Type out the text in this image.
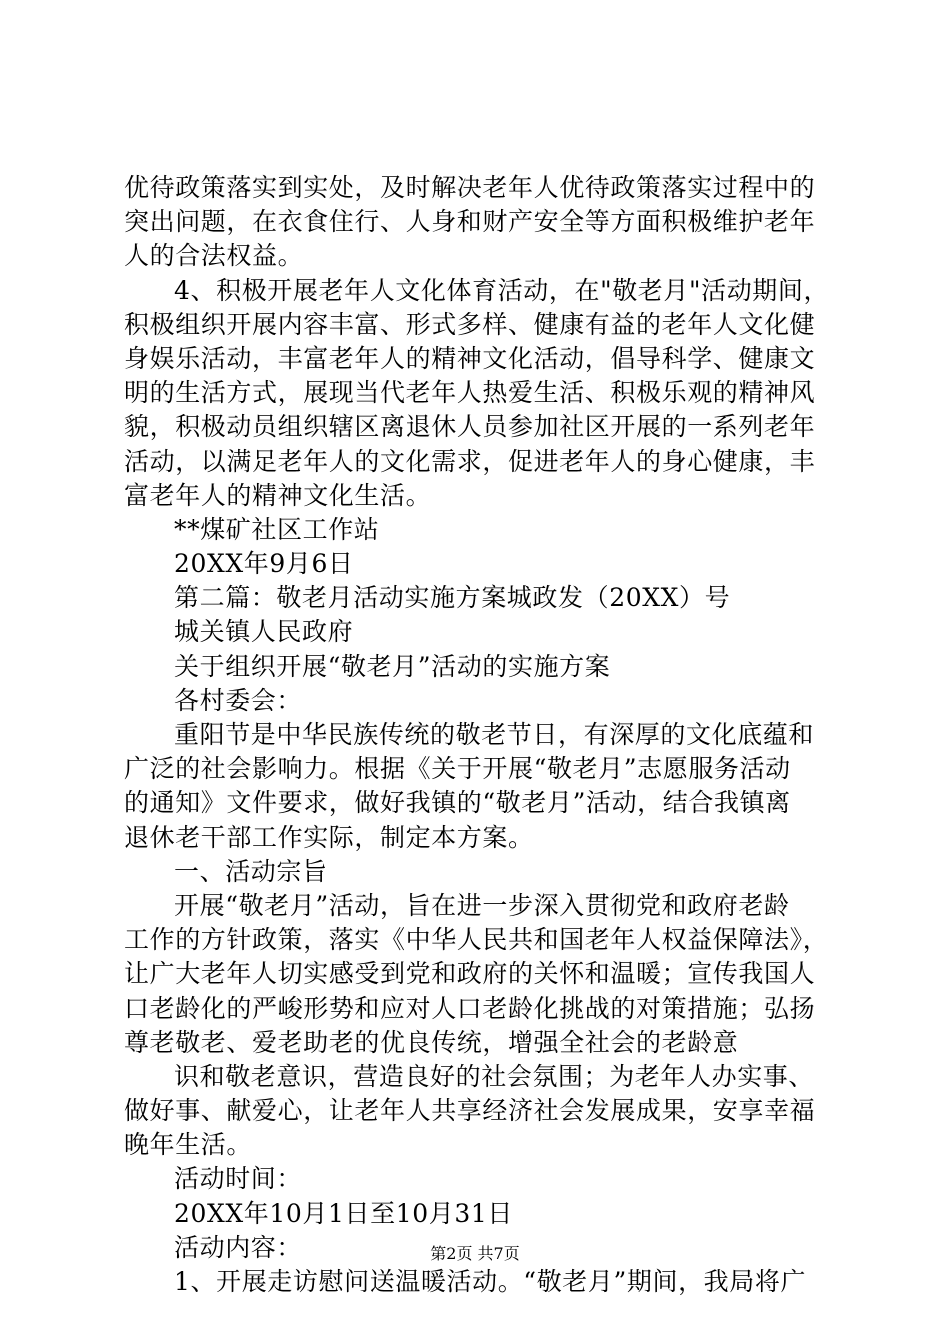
优待政策落实到实处，及时解决老年人优待政策落实过程中的
突出问题，在衣食住行、人身和财产安全等方面积极维护老年
人的合法权益。
4、积极开展老年人文化体育活动，在"敬老月"活动期间，
积极组织开展内容丰富、形式多样、健康有益的老年人文化健
身娱乐活动，丰富老年人的精神文化活动，倡导科学、健康文
明的生活方式，展现当代老年人热爱生活、积极乐观的精神风
貌，积极动员组织辖区离退休人员参加社区开展的一系列老年
活动，以满足老年人的文化需求，促进老年人的身心健康，丰
富老年人的精神文化生活。
**煤矿社区工作站
20XX年9月6日
第二篇：敬老月活动实施方案城政发（20XX）号
城关镇人民政府
关于组织开展“敬老月”活动的实施方案
各村委会：
重阳节是中华民族传统的敬老节日，有深厚的文化底蕴和
广泛的社会影响力。根据《关于开展“敬老月”志愿服务活动
的通知》文件要求，做好我镇的“敬老月”活动，结合我镇离
退休老干部工作实际，制定本方案。
一、活动宗旨
开展“敬老月”活动，旨在进一步深入贯彻党和政府老龄
工作的方针政策，落实《中华人民共和国老年人权益保障法》，
让广大老年人切实感受到党和政府的关怀和温暖；宣传我国人
口老龄化的严峻形势和应对人口老龄化挑战的对策措施；弘扬
尊老敬老、爱老助老的优良传统，增强全社会的老龄意
识和敬老意识，营造良好的社会氛围；为老年人办实事、
做好事、献爱心，让老年人共享经济社会发展成果，安享幸福
晚年生活。
活动时间：
20XX年10月1日至10月31日
活动内容：
1、开展走访慰问送温暖活动。“敬老月”期间，我局将广
第2页 共7页
